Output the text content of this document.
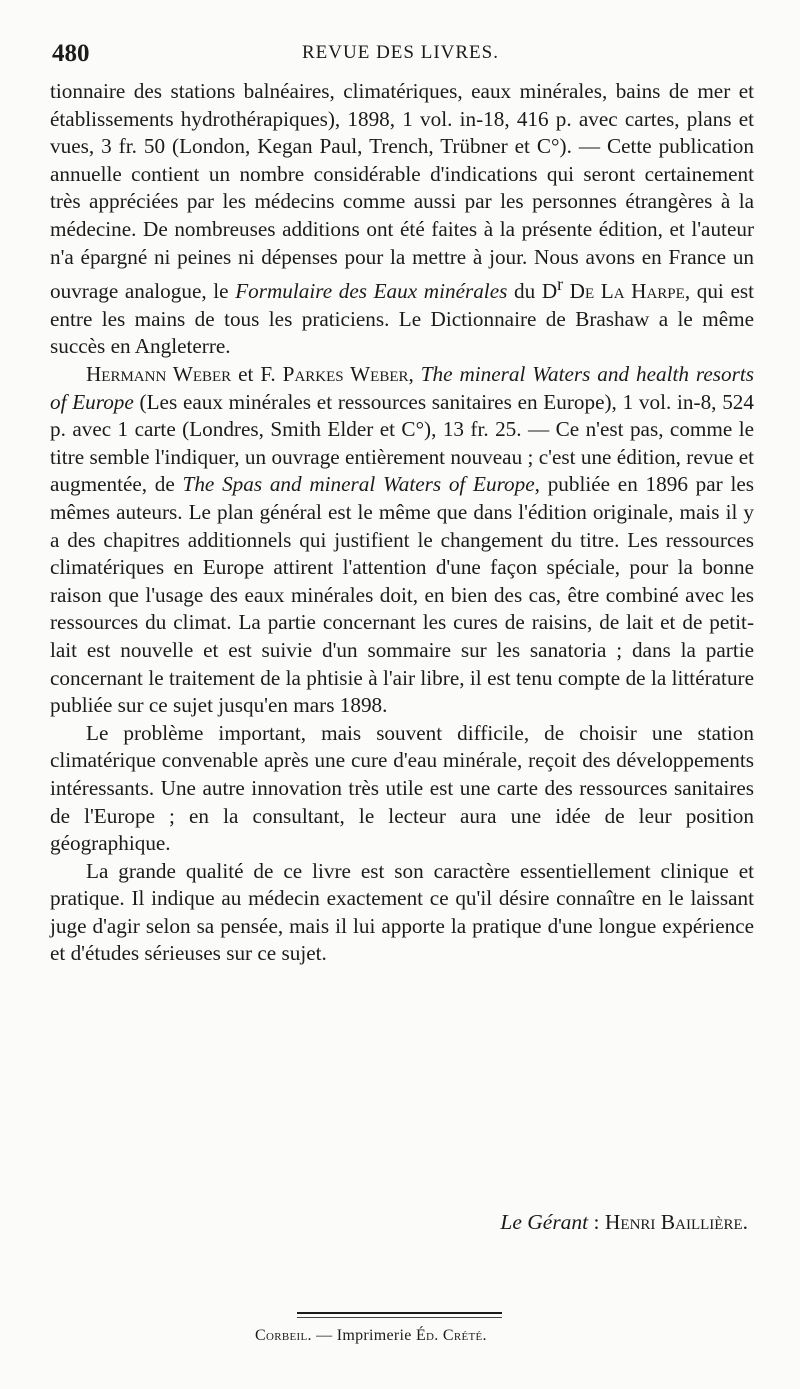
480	REVUE DES LIVRES.

tionnaire des stations balnéaires, climatériques, eaux minérales, bains de mer et établissements hydrothérapiques), 1898, 1 vol. in-18, 416 p. avec cartes, plans et vues, 3 fr. 50 (London, Kegan Paul, Trench, Trübner et C°). — Cette publication annuelle contient un nombre considérable d'indications qui seront certainement très appréciées par les médecins comme aussi par les personnes étrangères à la médecine. De nombreuses additions ont été faites à la présente édition, et l'auteur n'a épargné ni peines ni dépenses pour la mettre à jour. Nous avons en France un ouvrage analogue, le Formulaire des Eaux minérales du $D^r$ De La Harpe, qui est entre les mains de tous les praticiens. Le Dictionnaire de Brashaw a le même succès en Angleterre.

Hermann Weber et F. Parkes Weber, The mineral Waters and health resorts of Europe (Les eaux minérales et ressources sanitaires en Europe), 1 vol. in-8, 524 p. avec 1 carte (Londres, Smith Elder et C°), 13 fr. 25. — Ce n'est pas, comme le titre semble l'indiquer, un ouvrage entièrement nouveau ; c'est une édition, revue et augmentée, de The Spas and mineral Waters of Europe, publiée en 1896 par les mêmes auteurs. Le plan général est le même que dans l'édition originale, mais il y a des chapitres additionnels qui justifient le changement du titre. Les ressources climatériques en Europe attirent l'attention d'une façon spéciale, pour la bonne raison que l'usage des eaux minérales doit, en bien des cas, être combiné avec les ressources du climat. La partie concernant les cures de raisins, de lait et de petit-lait est nouvelle et est suivie d'un sommaire sur les sanatoria ; dans la partie concernant le traitement de la phtisie à l'air libre, il est tenu compte de la littérature publiée sur ce sujet jusqu'en mars 1898.

Le problème important, mais souvent difficile, de choisir une station climatérique convenable après une cure d'eau minérale, reçoit des développements intéressants. Une autre innovation très utile est une carte des ressources sanitaires de l'Europe ; en la consultant, le lecteur aura une idée de leur position géographique.

La grande qualité de ce livre est son caractère essentiellement clinique et pratique. Il indique au médecin exactement ce qu'il désire connaître en le laissant juge d'agir selon sa pensée, mais il lui apporte la pratique d'une longue expérience et d'études sérieuses sur ce sujet.

Le Gérant : Henri Baillière.
Corbeil. — Imprimerie Éd. Crété.
